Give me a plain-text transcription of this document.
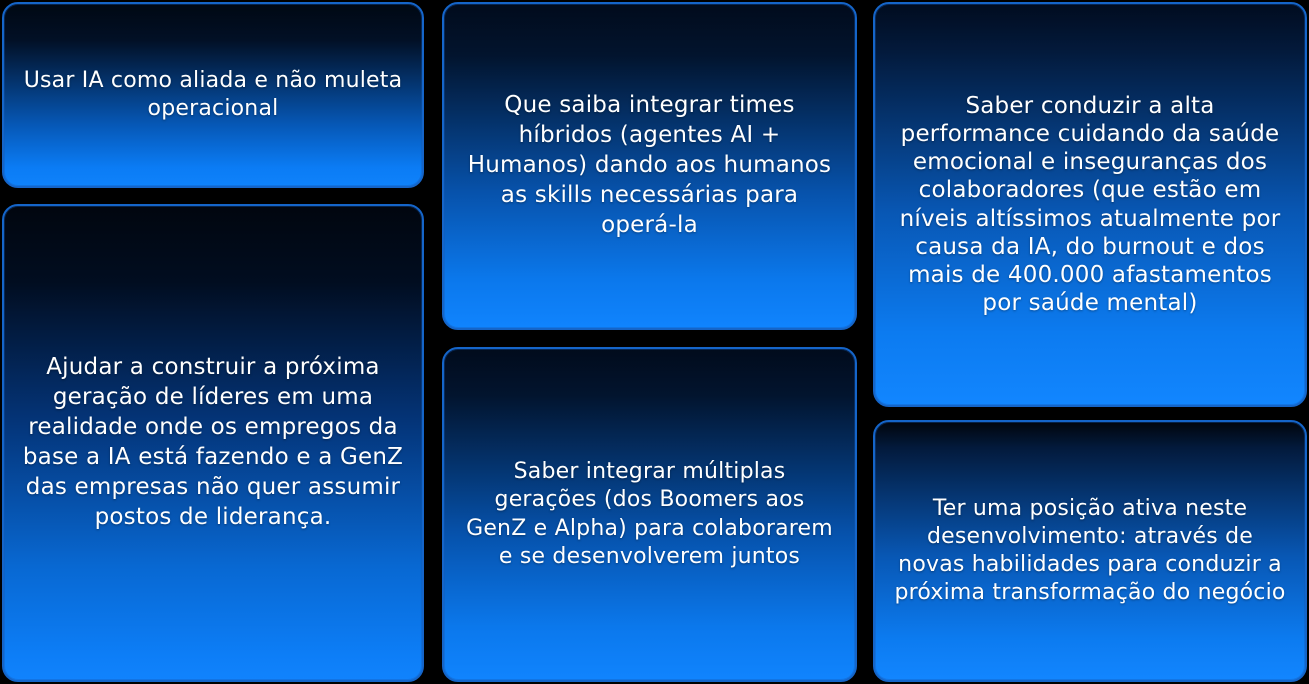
Usar IA como aliada e não muleta operacional
Ajudar a construir a próxima geração de líderes em uma realidade onde os empregos da base a IA está fazendo e a GenZ das empresas não quer assumir postos de liderança.
Que saiba integrar times híbridos (agentes AI + Humanos) dando aos humanos as skills necessárias para operá-la
Saber integrar múltiplas gerações (dos Boomers aos GenZ e Alpha) para colaborarem e se desenvolverem juntos
Saber conduzir a alta performance cuidando da saúde emocional e inseguranças dos colaboradores (que estão em níveis altíssimos atualmente por causa da IA, do burnout e dos mais de 400.000 afastamentos por saúde mental)
Ter uma posição ativa neste desenvolvimento: através de novas habilidades para conduzir a próxima transformação do negócio
